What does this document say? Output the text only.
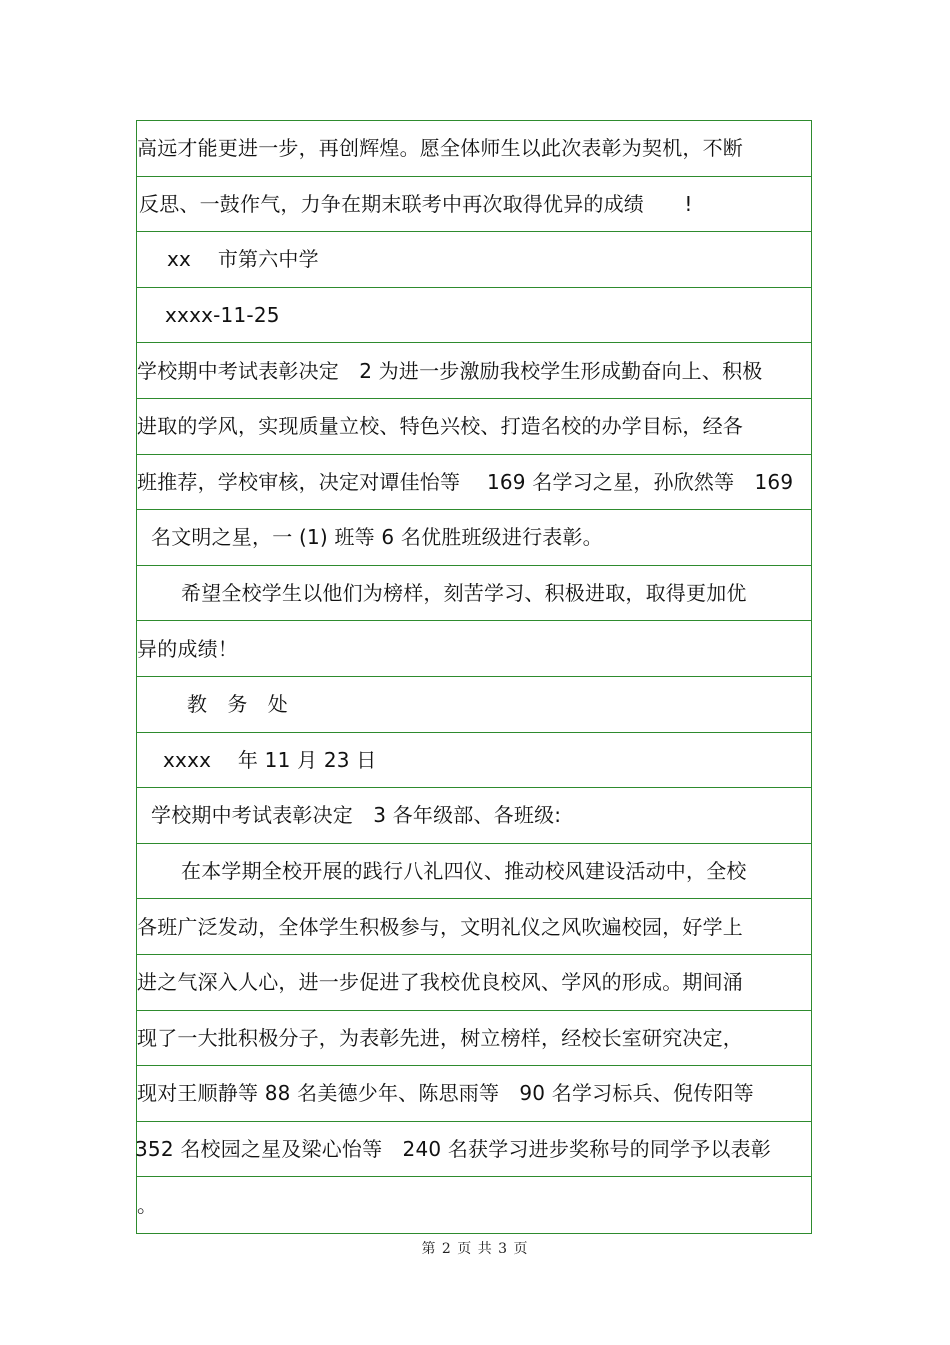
高远才能更进一步，再创辉煌。愿全体师生以此次表彰为契机，不断
反思、一鼓作气，力争在期末联考中再次取得优异的成绩　　!
xx　 市第六中学
xxxx-11-25
学校期中考试表彰决定　2 为进一步激励我校学生形成勤奋向上、积极
进取的学风，实现质量立校、特色兴校、打造名校的办学目标，经各
班推荐，学校审核，决定对谭佳怡等　 169 名学习之星，孙欣然等　169
名文明之星，一 (1) 班等 6 名优胜班级进行表彰。
希望全校学生以他们为榜样，刻苦学习、积极进取，取得更加优
异的成绩！
教　务　处
xxxx　 年 11 月 23 日
学校期中考试表彰决定　3 各年级部、各班级:
在本学期全校开展的践行八礼四仪、推动校风建设活动中，全校
各班广泛发动，全体学生积极参与，文明礼仪之风吹遍校园，好学上
进之气深入人心，进一步促进了我校优良校风、学风的形成。期间涌
现了一大批积极分子，为表彰先进，树立榜样，经校长室研究决定，
现对王顺静等 88 名美德少年、陈思雨等　90 名学习标兵、倪传阳等
352 名校园之星及梁心怡等　240 名获学习进步奖称号的同学予以表彰
。
第 2 页 共 3 页
